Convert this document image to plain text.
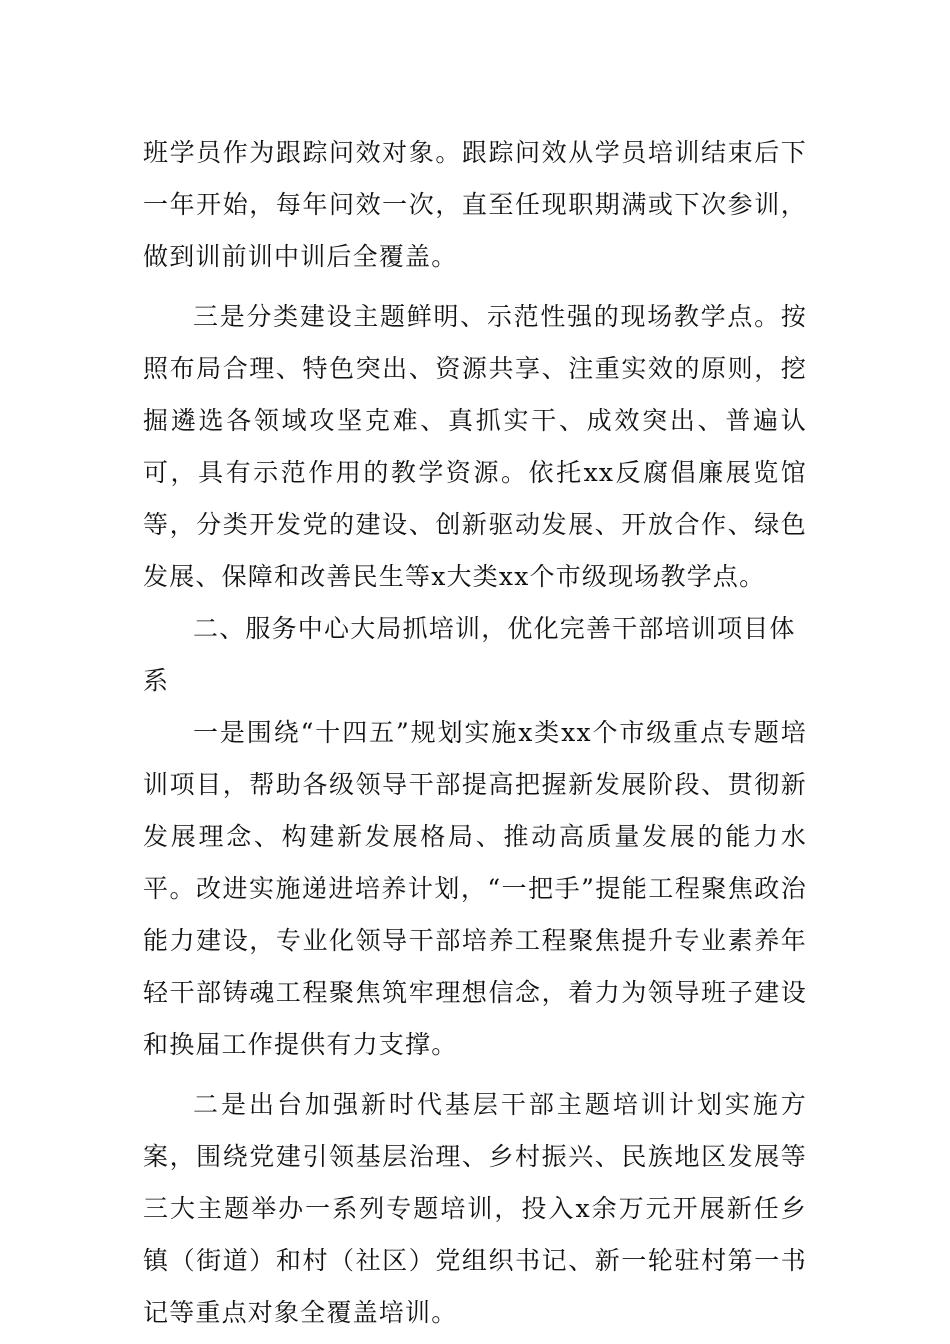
班学员作为跟踪问效对象。跟踪问效从学员培训结束后下一年开始，每年问效一次，直至任现职期满或下次参训，做到训前训中训后全覆盖。

三是分类建设主题鲜明、示范性强的现场教学点。按照布局合理、特色突出、资源共享、注重实效的原则，挖掘遴选各领域攻坚克难、真抓实干、成效突出、普遍认可，具有示范作用的教学资源。依托xx反腐倡廉展览馆等，分类开发党的建设、创新驱动发展、开放合作、绿色发展、保障和改善民生等x大类xx个市级现场教学点。

二、服务中心大局抓培训，优化完善干部培训项目体系

一是围绕“十四五”规划实施x类xx个市级重点专题培训项目，帮助各级领导干部提高把握新发展阶段、贯彻新发展理念、构建新发展格局、推动高质量发展的能力水平。改进实施递进培养计划，“一把手”提能工程聚焦政治能力建设，专业化领导干部培养工程聚焦提升专业素养年轻干部铸魂工程聚焦筑牢理想信念，着力为领导班子建设和换届工作提供有力支撑。

二是出台加强新时代基层干部主题培训计划实施方案，围绕党建引领基层治理、乡村振兴、民族地区发展等三大主题举办一系列专题培训，投入x余万元开展新任乡镇（街道）和村（社区）党组织书记、新一轮驻村第一书记等重点对象全覆盖培训。
